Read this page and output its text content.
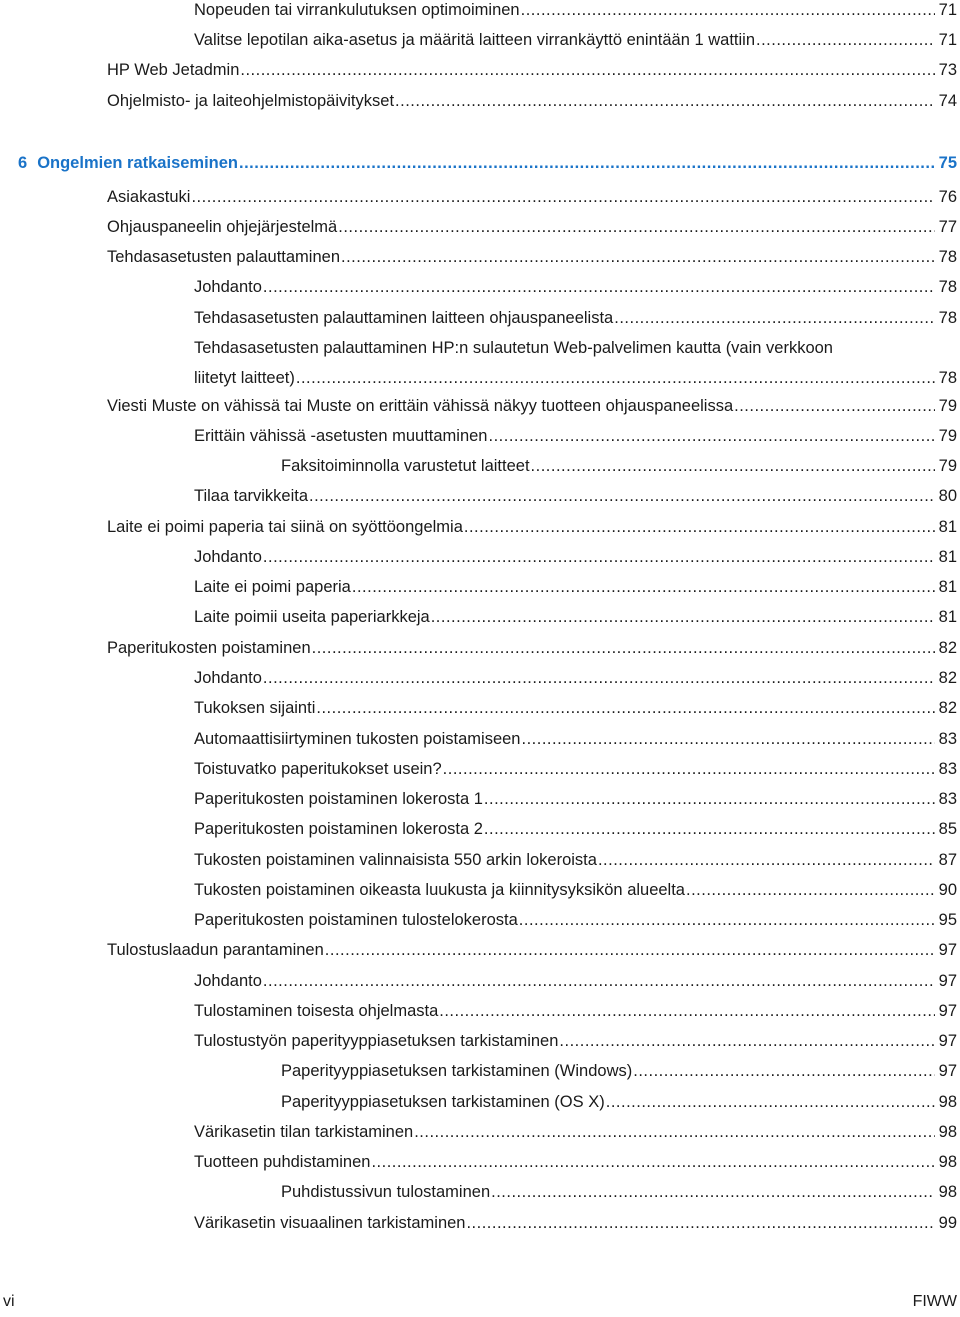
Nopeuden tai virrankulutuksen optimoiminen .....	71
Valitse lepotilan aika-asetus ja määritä laitteen virrankäyttö enintään 1 wattiin .....	71
HP Web Jetadmin .....	73
Ohjelmisto- ja laiteohjelmistopäivitykset .....	74
6 Ongelmien ratkaiseminen .....	75
Asiakastuki .....	76
Ohjauspaneelin ohjejärjestelmä .....	77
Tehdasasetusten palauttaminen .....	78
Johdanto .....	78
Tehdasasetusten palauttaminen laitteen ohjauspaneelista .....	78
Tehdasasetusten palauttaminen HP:n sulautetun Web-palvelimen kautta (vain verkkoon
liitetyt laitteet) .....	78
Viesti Muste on vähissä tai Muste on erittäin vähissä näkyy tuotteen ohjauspaneelissa .....	79
Erittäin vähissä -asetusten muuttaminen .....	79
Faksitoiminnolla varustetut laitteet .....	79
Tilaa tarvikkeita .....	80
Laite ei poimi paperia tai siinä on syöttöongelmia .....	81
Johdanto .....	81
Laite ei poimi paperia .....	81
Laite poimii useita paperiarkkeja .....	81
Paperitukosten poistaminen .....	82
Johdanto .....	82
Tukoksen sijainti .....	82
Automaattisiirtyminen tukosten poistamiseen .....	83
Toistuvatko paperitukokset usein? .....	83
Paperitukosten poistaminen lokerosta 1 .....	83
Paperitukosten poistaminen lokerosta 2 .....	85
Tukosten poistaminen valinnaisista 550 arkin lokeroista .....	87
Tukosten poistaminen oikeasta luukusta ja kiinnitysyksikön alueelta .....	90
Paperitukosten poistaminen tulostelokerosta .....	95
Tulostuslaadun parantaminen .....	97
Johdanto .....	97
Tulostaminen toisesta ohjelmasta .....	97
Tulostustyön paperityyppiasetuksen tarkistaminen .....	97
Paperityyppiasetuksen tarkistaminen (Windows) .....	97
Paperityyppiasetuksen tarkistaminen (OS X) .....	98
Värikasetin tilan tarkistaminen .....	98
Tuotteen puhdistaminen .....	98
Puhdistussivun tulostaminen .....	98
Värikasetin visuaalinen tarkistaminen .....	99
vi	FIWW
